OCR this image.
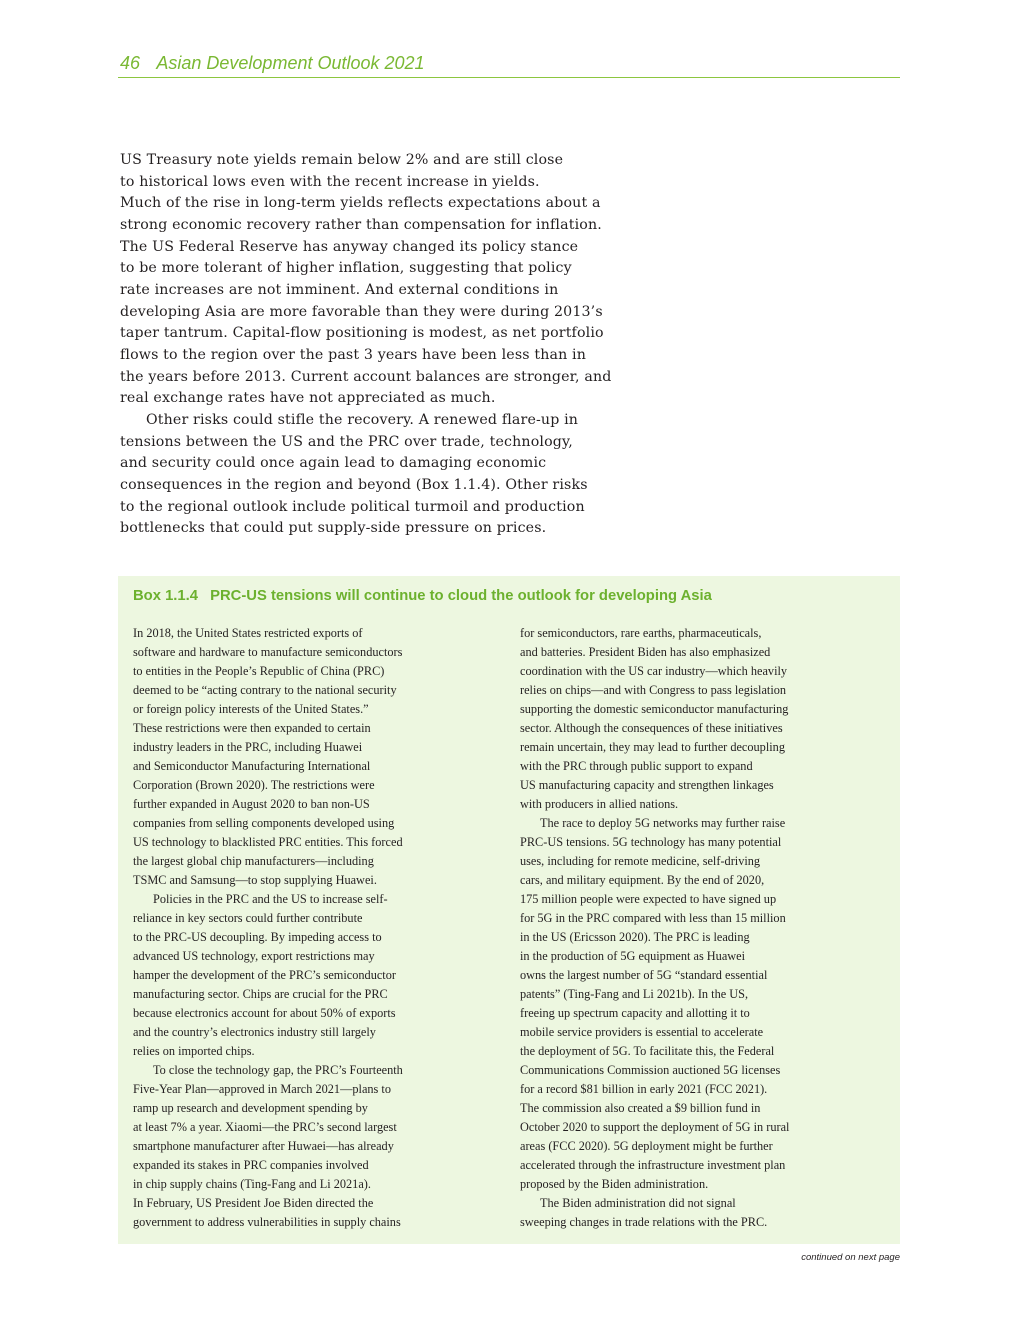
46 Asian Development Outlook 2021
US Treasury note yields remain below 2% and are still close
to historical lows even with the recent increase in yields.
Much of the rise in long-term yields reflects expectations about a
strong economic recovery rather than compensation for inflation.
The US Federal Reserve has anyway changed its policy stance
to be more tolerant of higher inflation, suggesting that policy
rate increases are not imminent. And external conditions in
developing Asia are more favorable than they were during 2013’s
taper tantrum. Capital-flow positioning is modest, as net portfolio
flows to the region over the past 3 years have been less than in
the years before 2013. Current account balances are stronger, and
real exchange rates have not appreciated as much.
Other risks could stifle the recovery. A renewed flare-up in
tensions between the US and the PRC over trade, technology,
and security could once again lead to damaging economic
consequences in the region and beyond (Box 1.1.4). Other risks
to the regional outlook include political turmoil and production
bottlenecks that could put supply-side pressure on prices.
Box 1.1.4 PRC-US tensions will continue to cloud the outlook for developing Asia
In 2018, the United States restricted exports of
software and hardware to manufacture semiconductors
to entities in the People’s Republic of China (PRC)
deemed to be “acting contrary to the national security
or foreign policy interests of the United States.”
These restrictions were then expanded to certain
industry leaders in the PRC, including Huawei
and Semiconductor Manufacturing International
Corporation (Brown 2020). The restrictions were
further expanded in August 2020 to ban non-US
companies from selling components developed using
US technology to blacklisted PRC entities. This forced
the largest global chip manufacturers—including
TSMC and Samsung—to stop supplying Huawei.
Policies in the PRC and the US to increase self-
reliance in key sectors could further contribute
to the PRC-US decoupling. By impeding access to
advanced US technology, export restrictions may
hamper the development of the PRC’s semiconductor
manufacturing sector. Chips are crucial for the PRC
because electronics account for about 50% of exports
and the country’s electronics industry still largely
relies on imported chips.
To close the technology gap, the PRC’s Fourteenth
Five-Year Plan—approved in March 2021—plans to
ramp up research and development spending by
at least 7% a year. Xiaomi—the PRC’s second largest
smartphone manufacturer after Huwaei—has already
expanded its stakes in PRC companies involved
in chip supply chains (Ting-Fang and Li 2021a).
In February, US President Joe Biden directed the
government to address vulnerabilities in supply chains
for semiconductors, rare earths, pharmaceuticals,
and batteries. President Biden has also emphasized
coordination with the US car industry—which heavily
relies on chips—and with Congress to pass legislation
supporting the domestic semiconductor manufacturing
sector. Although the consequences of these initiatives
remain uncertain, they may lead to further decoupling
with the PRC through public support to expand
US manufacturing capacity and strengthen linkages
with producers in allied nations.
The race to deploy 5G networks may further raise
PRC-US tensions. 5G technology has many potential
uses, including for remote medicine, self-driving
cars, and military equipment. By the end of 2020,
175 million people were expected to have signed up
for 5G in the PRC compared with less than 15 million
in the US (Ericsson 2020). The PRC is leading
in the production of 5G equipment as Huawei
owns the largest number of 5G “standard essential
patents” (Ting-Fang and Li 2021b). In the US,
freeing up spectrum capacity and allotting it to
mobile service providers is essential to accelerate
the deployment of 5G. To facilitate this, the Federal
Communications Commission auctioned 5G licenses
for a record $81 billion in early 2021 (FCC 2021).
The commission also created a $9 billion fund in
October 2020 to support the deployment of 5G in rural
areas (FCC 2020). 5G deployment might be further
accelerated through the infrastructure investment plan
proposed by the Biden administration.
The Biden administration did not signal
sweeping changes in trade relations with the PRC.
continued on next page
